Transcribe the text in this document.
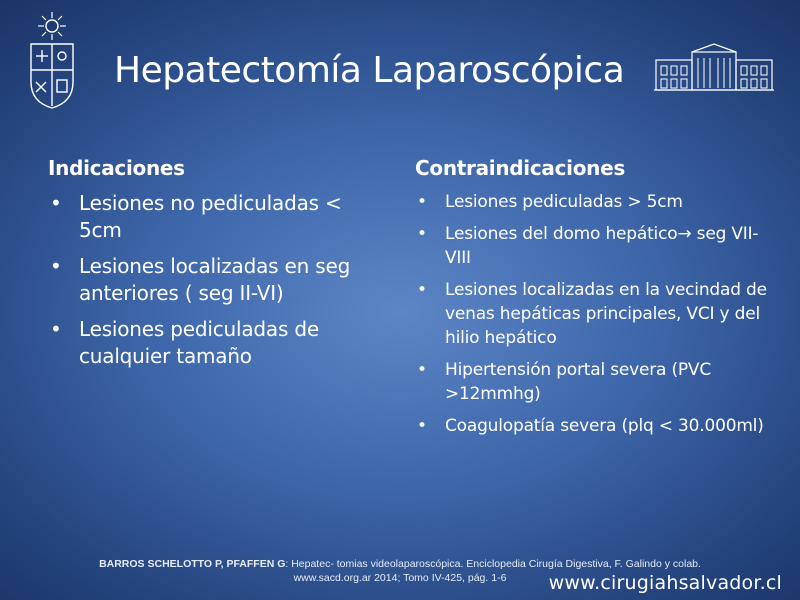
Hepatectomía Laparoscópica
Indicaciones
• Lesiones no pediculadas < 5cm
• Lesiones localizadas en seg anteriores ( seg II-VI)
• Lesiones pediculadas de cualquier tamaño
Contraindicaciones
• Lesiones pediculadas > 5cm
• Lesiones del domo hepático→ seg VII-VIII
• Lesiones localizadas en la vecindad de venas hepáticas principales, VCI y del hilio hepático
• Hipertensión portal severa (PVC >12mmhg)
• Coagulopatía severa (plq < 30.000ml)
BARROS SCHELOTTO P, PFAFFEN G: Hepatec- tomias videolaparoscópica. Enciclopedia Cirugía Digestiva, F. Galindo y colab.
www.sacd.org.ar 2014; Tomo IV-425, pág. 1-6	www.cirugiahsalvador.cl
